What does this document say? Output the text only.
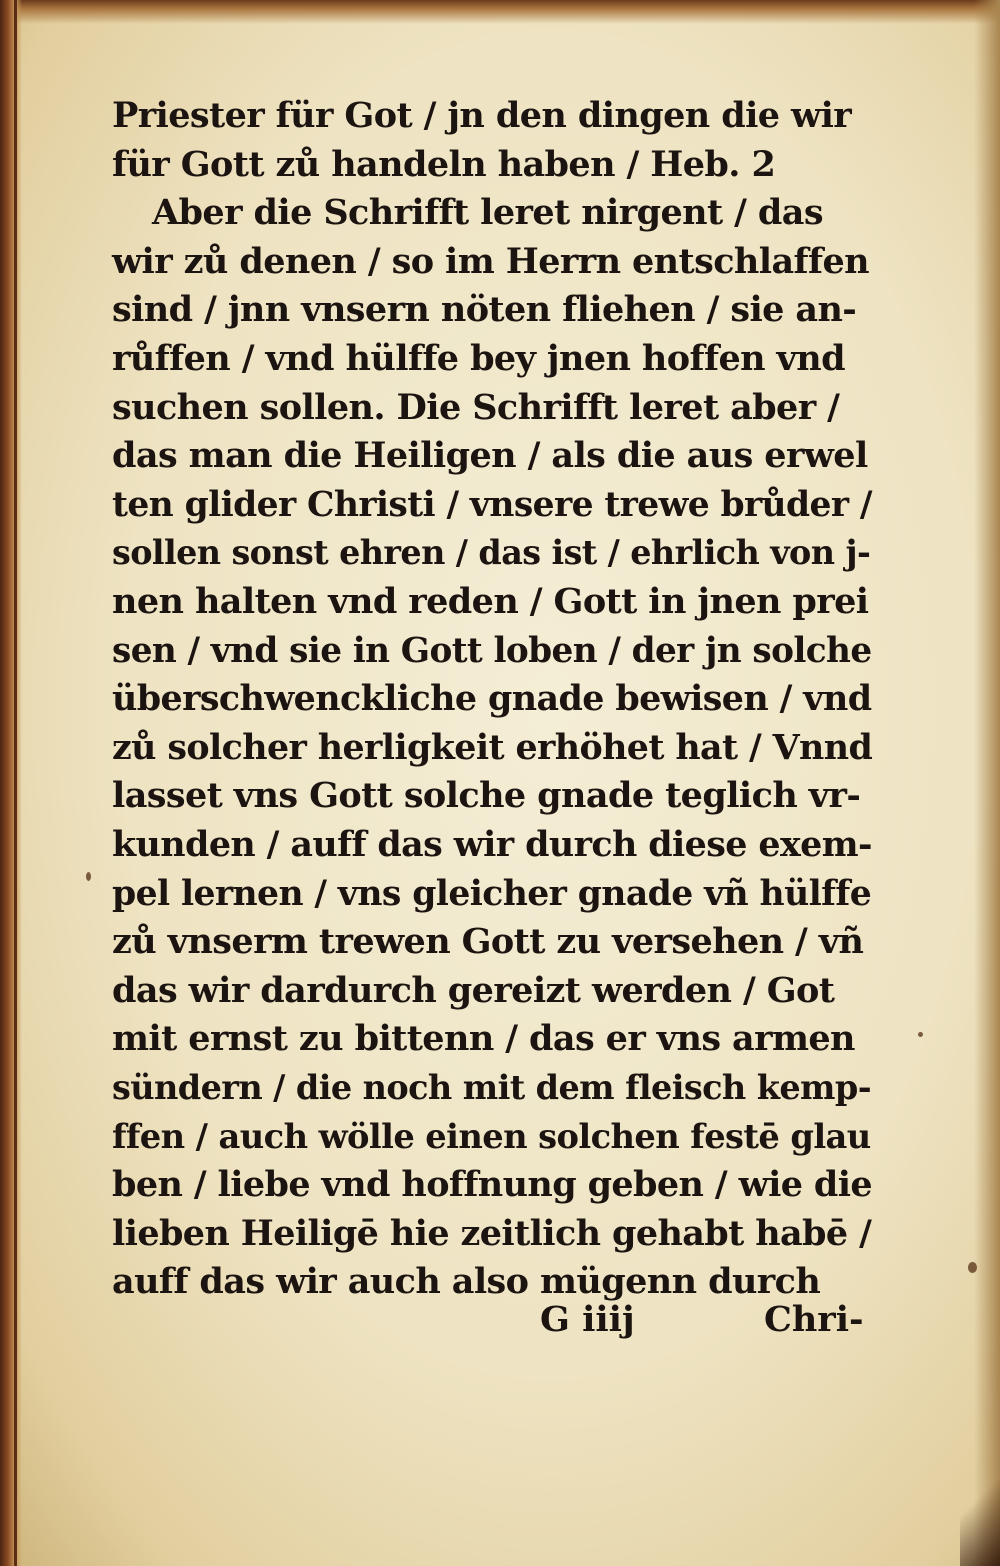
Priester für Got / jn den dingen die wir
für Gott zů handeln haben / Heb. 2
Aber die Schrifft leret nirgent / das
wir zů denen / so im Herrn entschlaffen
sind / jnn vnsern nöten fliehen / sie an-
růffen / vnd hülffe bey jnen hoffen vnd
suchen sollen. Die Schrifft leret aber /
das man die Heiligen / als die aus erwel
ten glider Christi / vnsere trewe brůder /
sollen sonst ehren / das ist / ehrlich von j-
nen halten vnd reden / Gott in jnen prei
sen / vnd sie in Gott loben / der jn solche
überschwenckliche gnade bewisen / vnd
zů solcher herligkeit erhöhet hat / Vnnd
lasset vns Gott solche gnade teglich vr-
kunden / auff das wir durch diese exem-
pel lernen / vns gleicher gnade vñ hülffe
zů vnserm trewen Gott zu versehen / vñ
das wir dardurch gereizt werden / Got
mit ernst zu bittenn / das er vns armen
sündern / die noch mit dem fleisch kemp-
ffen / auch wölle einen solchen festē glau
ben / liebe vnd hoffnung geben / wie die
lieben Heiligē hie zeitlich gehabt habē /
auff das wir auch also mügenn durch
G iiij	Chri-
